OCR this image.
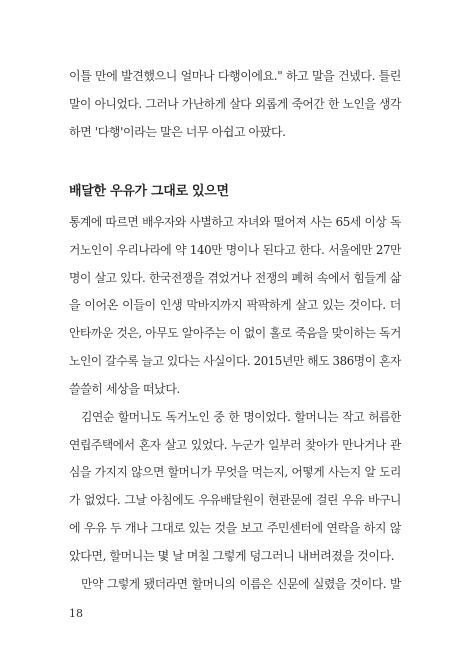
이틀 만에 발견했으니 얼마나 다행이에요." 하고 말을 건넸다. 틀린
말이 아니었다. 그러나 가난하게 살다 외롭게 죽어간 한 노인을 생각
하면 '다행'이라는 말은 너무 아쉽고 아팠다.
배달한 우유가 그대로 있으면
통계에 따르면 배우자와 사별하고 자녀와 떨어져 사는 65세 이상 독
거노인이 우리나라에 약 140만 명이나 된다고 한다. 서울에만 27만
명이 살고 있다. 한국전쟁을 겪었거나 전쟁의 폐허 속에서 힘들게 삶
을 이어온 이들이 인생 막바지까지 팍팍하게 살고 있는 것이다. 더
안타까운 것은, 아무도 알아주는 이 없이 홀로 죽음을 맞이하는 독거
노인이 갈수록 늘고 있다는 사실이다. 2015년만 해도 386명이 혼자
쓸쓸히 세상을 떠났다.
김연순 할머니도 독거노인 중 한 명이었다. 할머니는 작고 허름한
연립주택에서 혼자 살고 있었다. 누군가 일부러 찾아가 만나거나 관
심을 가지지 않으면 할머니가 무엇을 먹는지, 어떻게 사는지 알 도리
가 없었다. 그날 아침에도 우유배달원이 현관문에 걸린 우유 바구니
에 우유 두 개나 그대로 있는 것을 보고 주민센터에 연락을 하지 않
았다면, 할머니는 몇 날 며칠 그렇게 덩그러니 내버려졌을 것이다.
만약 그렇게 됐더라면 할머니의 이름은 신문에 실렸을 것이다. 발
18
